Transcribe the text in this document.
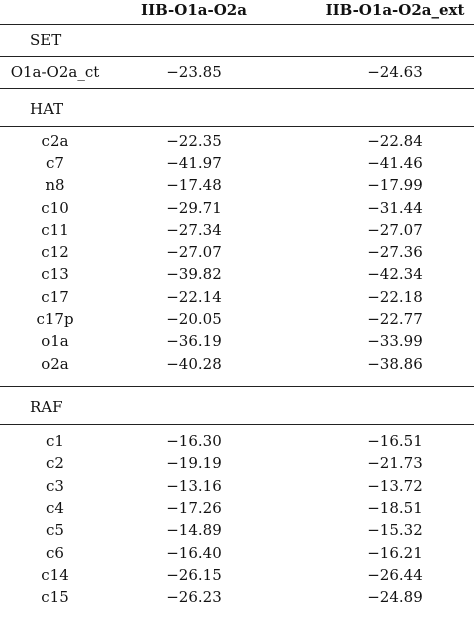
IIB-O1a-O2a	IIB-O1a-O2a_ext
SET
O1a-O2a_ct	−23.85	−24.63
HAT
c2a	−22.35	−22.84
c7	−41.97	−41.46
n8	−17.48	−17.99
c10	−29.71	−31.44
c11	−27.34	−27.07
c12	−27.07	−27.36
c13	−39.82	−42.34
c17	−22.14	−22.18
c17p	−20.05	−22.77
o1a	−36.19	−33.99
o2a	−40.28	−38.86
RAF
c1	−16.30	−16.51
c2	−19.19	−21.73
c3	−13.16	−13.72
c4	−17.26	−18.51
c5	−14.89	−15.32
c6	−16.40	−16.21
c14	−26.15	−26.44
c15	−26.23	−24.89
